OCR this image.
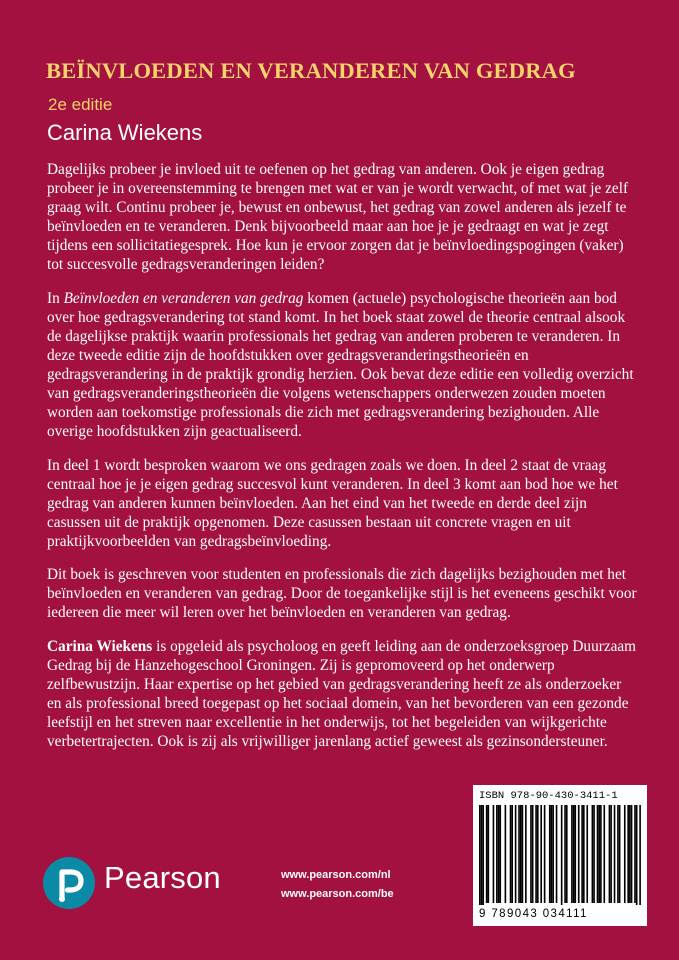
BEÏNVLOEDEN EN VERANDEREN VAN GEDRAG
2e editie
Carina Wiekens

Dagelijks probeer je invloed uit te oefenen op het gedrag van anderen. Ook je eigen gedrag probeer je in overeenstemming te brengen met wat er van je wordt verwacht, of met wat je zelf graag wilt. Continu probeer je, bewust en onbewust, het gedrag van zowel anderen als jezelf te beïnvloeden en te veranderen. Denk bijvoorbeeld maar aan hoe je je gedraagt en wat je zegt tijdens een sollicitatiegesprek. Hoe kun je ervoor zorgen dat je beïnvloedingspogingen (vaker) tot succesvolle gedragsveranderingen leiden?

In Beïnvloeden en veranderen van gedrag komen (actuele) psychologische theorieën aan bod over hoe gedragsverandering tot stand komt. In het boek staat zowel de theorie centraal alsook de dagelijkse praktijk waarin professionals het gedrag van anderen proberen te veranderen. In deze tweede editie zijn de hoofdstukken over gedragsveranderingstheorieën en gedragsverandering in de praktijk grondig herzien. Ook bevat deze editie een volledig overzicht van gedragsveranderingstheorieën die volgens wetenschappers onderwezen zouden moeten worden aan toekomstige professionals die zich met gedragsverandering bezighouden. Alle overige hoofdstukken zijn geactualiseerd.

In deel 1 wordt besproken waarom we ons gedragen zoals we doen. In deel 2 staat de vraag centraal hoe je je eigen gedrag succesvol kunt veranderen. In deel 3 komt aan bod hoe we het gedrag van anderen kunnen beïnvloeden. Aan het eind van het tweede en derde deel zijn casussen uit de praktijk opgenomen. Deze casussen bestaan uit concrete vragen en uit praktijkvoorbeelden van gedragsbeïnvloeding.

Dit boek is geschreven voor studenten en professionals die zich dagelijks bezighouden met het beïnvloeden en veranderen van gedrag. Door de toegankelijke stijl is het eveneens geschikt voor iedereen die meer wil leren over het beïnvloeden en veranderen van gedrag.

Carina Wiekens is opgeleid als psycholoog en geeft leiding aan de onderzoeksgroep Duurzaam Gedrag bij de Hanzehogeschool Groningen. Zij is gepromoveerd op het onderwerp zelfbewustzijn. Haar expertise op het gebied van gedragsverandering heeft ze als onderzoeker en als professional breed toegepast op het sociaal domein, van het bevorderen van een gezonde leefstijl en het streven naar excellentie in het onderwijs, tot het begeleiden van wijkgerichte verbetertrajecten. Ook is zij als vrijwilliger jarenlang actief geweest als gezinsondersteuner.

Pearson	www.pearson.com/nl
www.pearson.com/be
ISBN 978-90-430-3411-1
9 789043 034111
